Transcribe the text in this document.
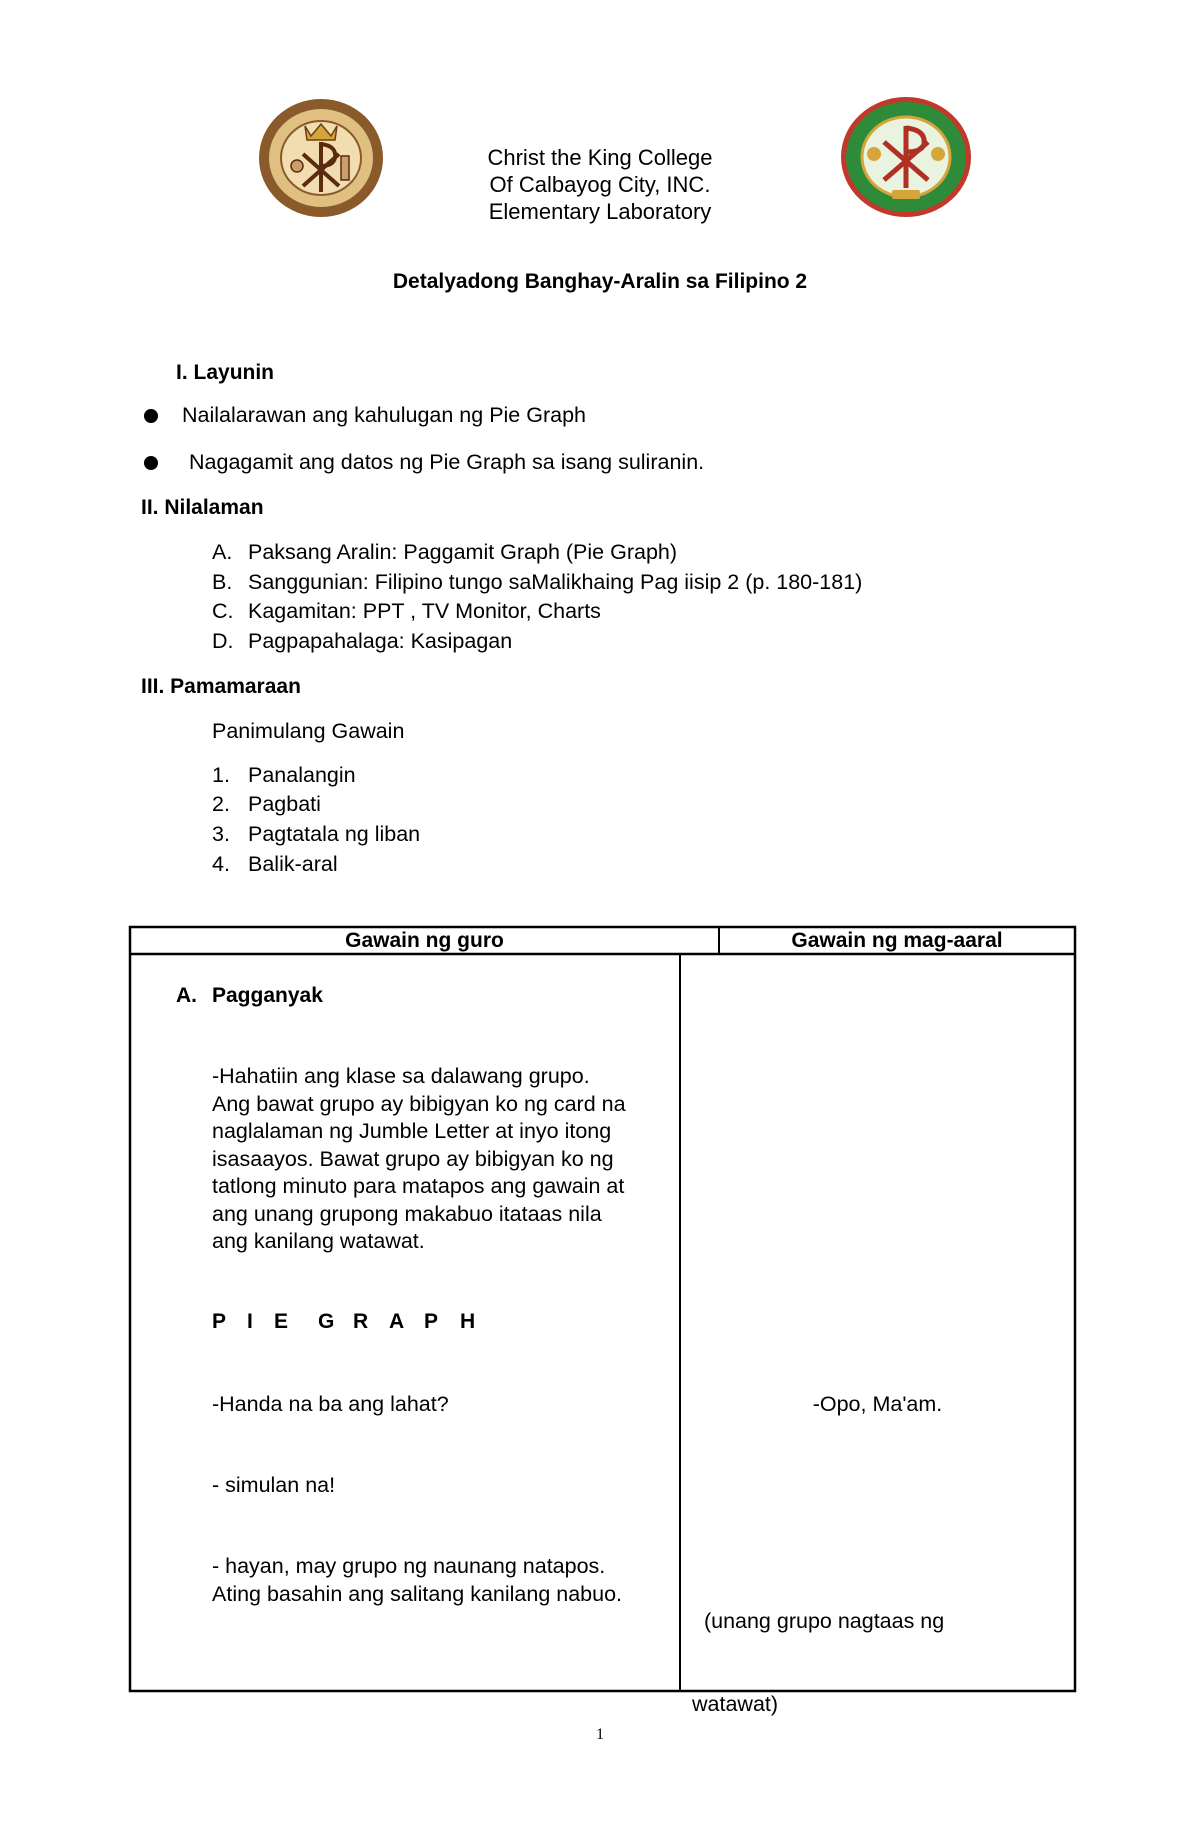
Christ the King College
Of Calbayog City, INC.
Elementary Laboratory
Detalyadong Banghay-Aralin sa Filipino 2
I. Layunin
Nailalarawan ang kahulugan ng Pie Graph
Nagagamit ang datos ng Pie Graph sa isang suliranin.
II. Nilalaman
A. Paksang Aralin: Paggamit Graph (Pie Graph)
B. Sanggunian: Filipino tungo saMalikhaing Pag iisip 2 (p. 180-181)
C. Kagamitan: PPT , TV Monitor, Charts
D. Pagpapahalaga: Kasipagan
III. Pamamaraan
Panimulang Gawain
1. Panalangin
2. Pagbati
3. Pagtatala ng liban
4. Balik-aral
Gawain ng guro	Gawain ng mag-aaral
A. Pagganyak
-Hahatiin ang klase sa dalawang grupo.
Ang bawat grupo ay bibigyan ko ng card na
naglalaman ng Jumble Letter at inyo itong
isasaayos. Bawat grupo ay bibigyan ko ng
tatlong minuto para matapos ang gawain at
ang unang grupong makabuo itataas nila
ang kanilang watawat.
P I E G R A P H
-Handa na ba ang lahat?	-Opo, Ma'am.
- simulan na!
- hayan, may grupo ng naunang natapos.
Ating basahin ang salitang kanilang nabuo.

(unang grupo nagtaas ng

watawat)

1
